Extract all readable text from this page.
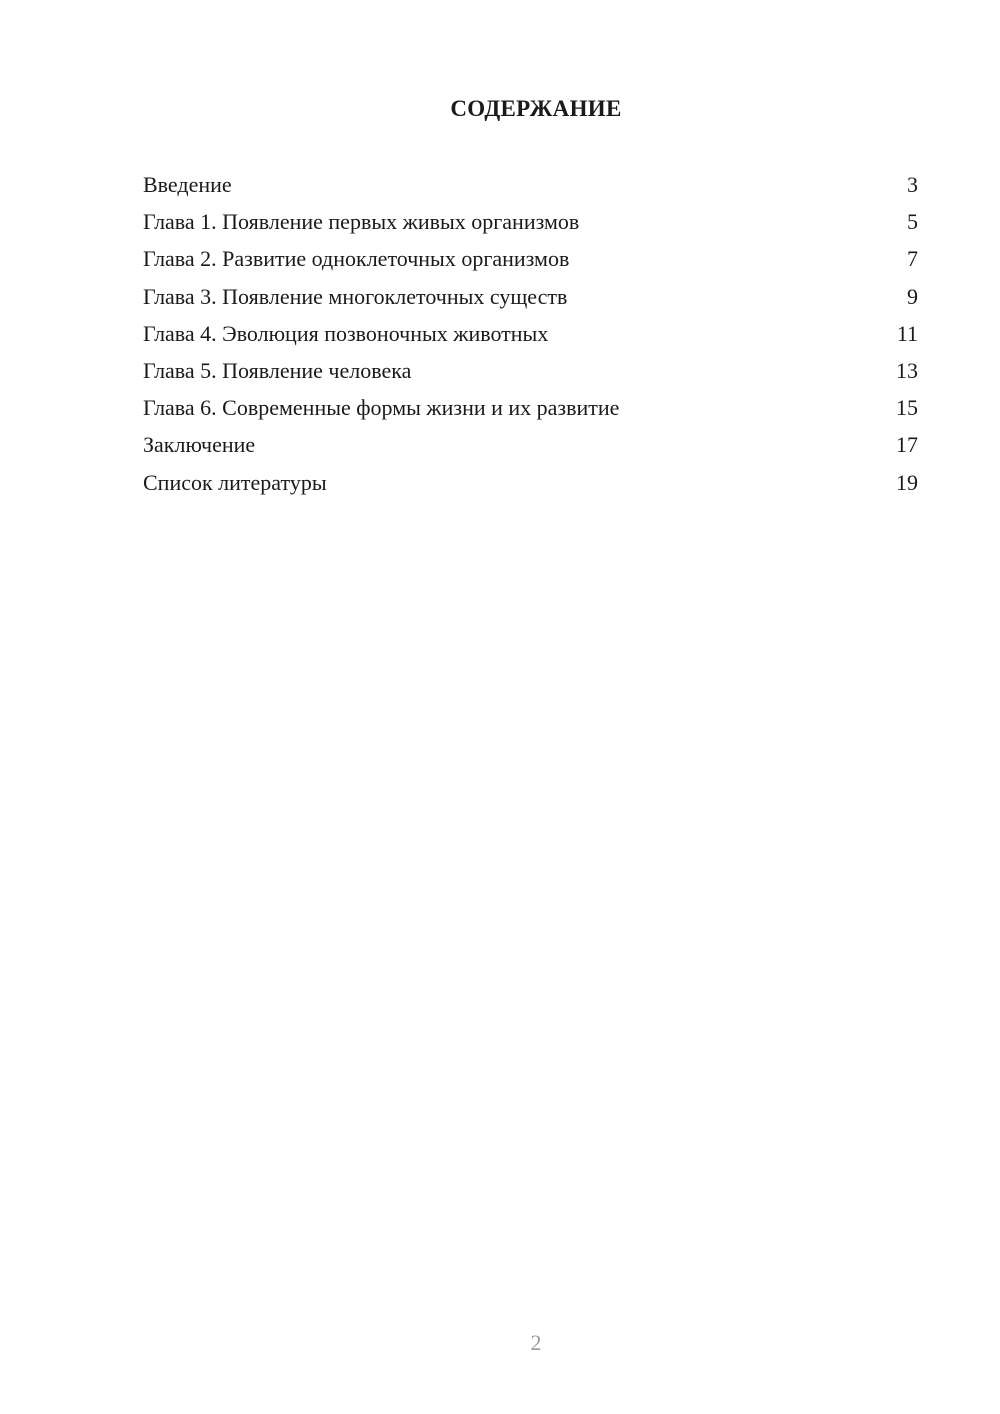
СОДЕРЖАНИЕ
Введение	3
Глава 1. Появление первых живых организмов	5
Глава 2. Развитие одноклеточных организмов	7
Глава 3. Появление многоклеточных существ	9
Глава 4. Эволюция позвоночных животных	11
Глава 5. Появление человека	13
Глава 6. Современные формы жизни и их развитие	15
Заключение	17
Список литературы	19
2
